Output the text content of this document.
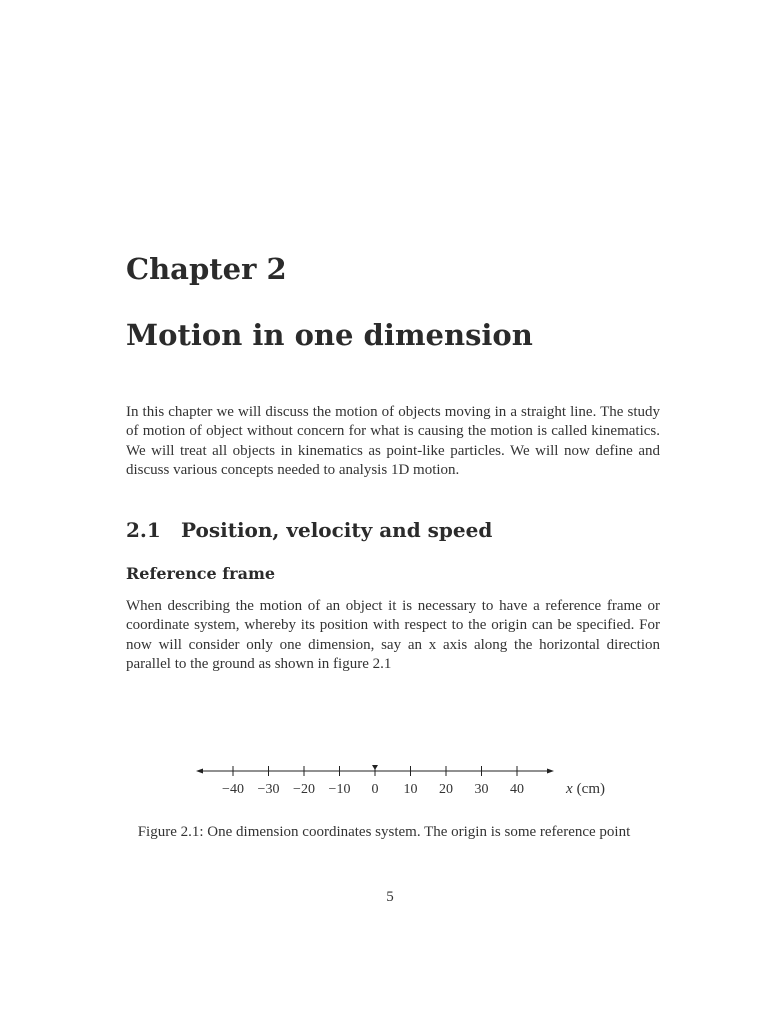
Chapter 2
Motion in one dimension
In this chapter we will discuss the motion of objects moving in a straight line. The study of motion of object without concern for what is causing the motion is called kinematics. We will treat all objects in kinematics as point-like particles. We will now define and discuss various concepts needed to analysis 1D motion.
2.1 Position, velocity and speed
Reference frame
When describing the motion of an object it is necessary to have a reference frame or coordinate system, whereby its position with respect to the origin can be specified. For now will consider only one dimension, say an x axis along the horizontal direction parallel to the ground as shown in figure 2.1
−40 −30 −20 −10 0 10 20 30 40	x (cm)
Figure 2.1: One dimension coordinates system. The origin is some reference point
5
